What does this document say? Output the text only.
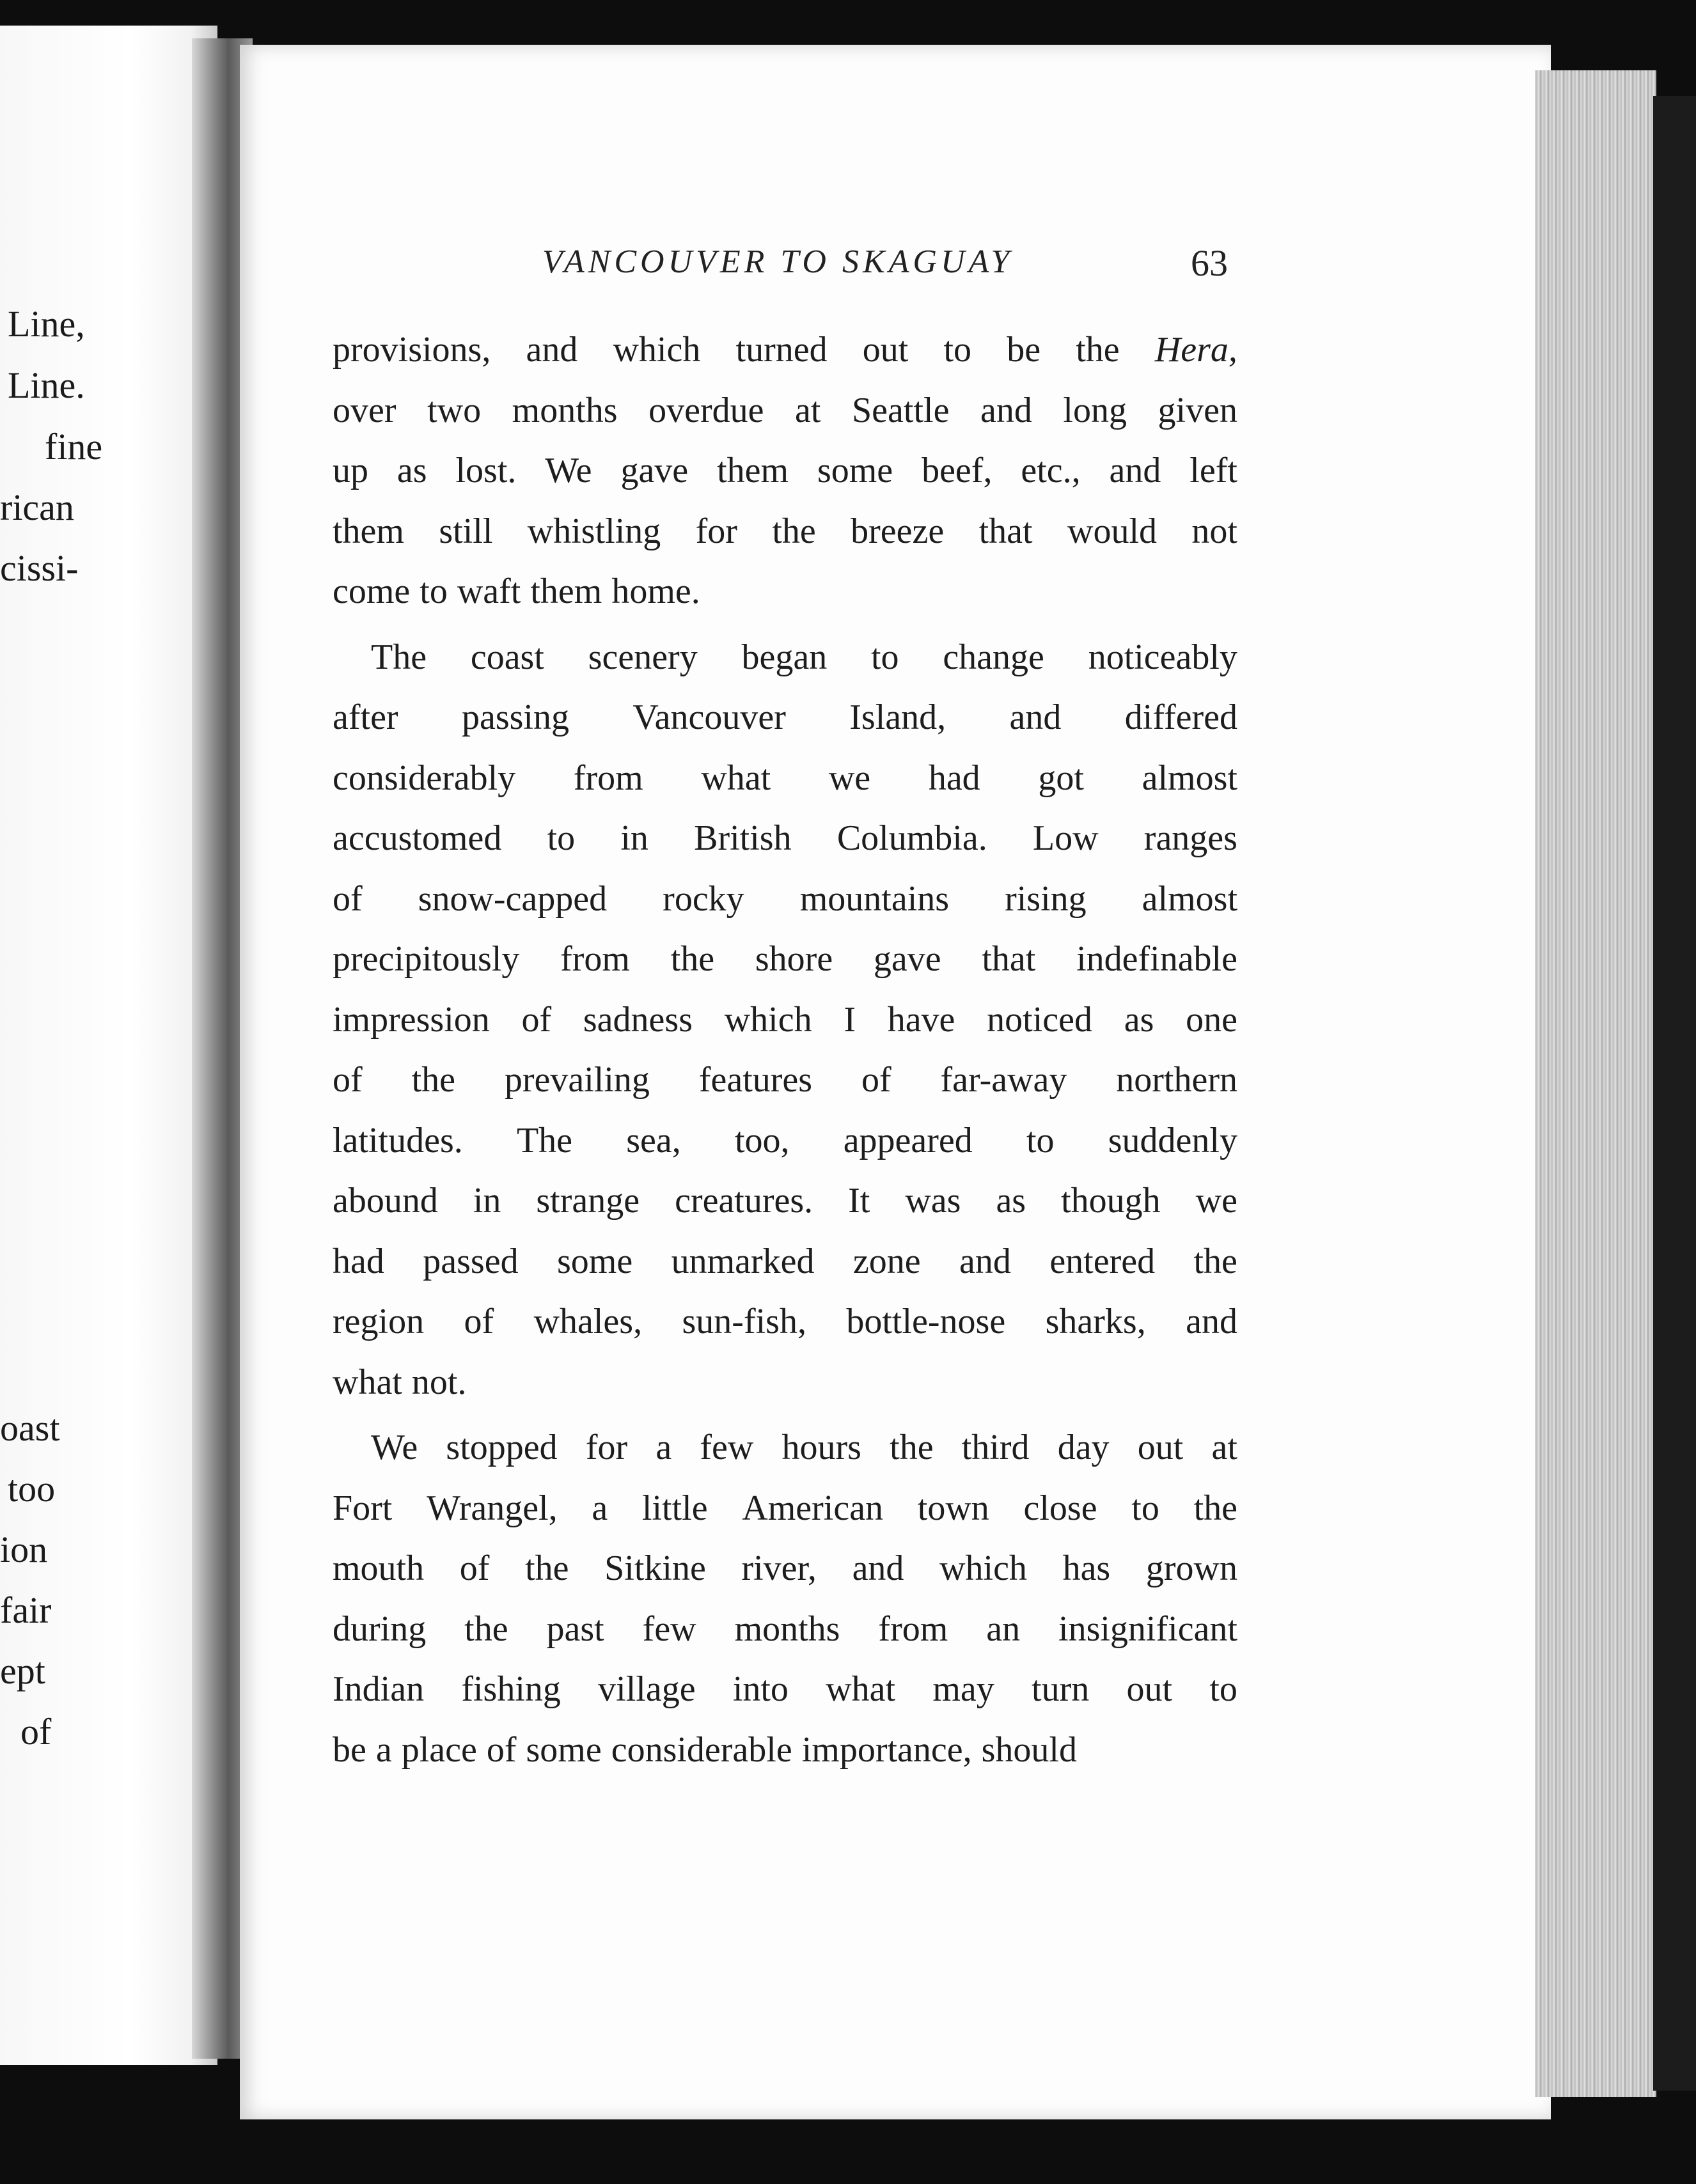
Line,
Line.
fine
rican
cissi-
oast
too
ion
fair
ept
of
VANCOUVER TO SKAGUAY	63
provisions, and which turned out to be the Hera,
over two months overdue at Seattle and long given
up as lost. We gave them some beef, etc., and left
them still whistling for the breeze that would not
come to waft them home.
The coast scenery began to change noticeably
after passing Vancouver Island, and differed
considerably from what we had got almost
accustomed to in British Columbia. Low ranges
of snow-capped rocky mountains rising almost
precipitously from the shore gave that indefinable
impression of sadness which I have noticed as one
of the prevailing features of far-away northern
latitudes. The sea, too, appeared to suddenly
abound in strange creatures. It was as though we
had passed some unmarked zone and entered the
region of whales, sun-fish, bottle-nose sharks, and
what not.
We stopped for a few hours the third day out at
Fort Wrangel, a little American town close to the
mouth of the Sitkine river, and which has grown
during the past few months from an insignificant
Indian fishing village into what may turn out to
be a place of some considerable importance, should
